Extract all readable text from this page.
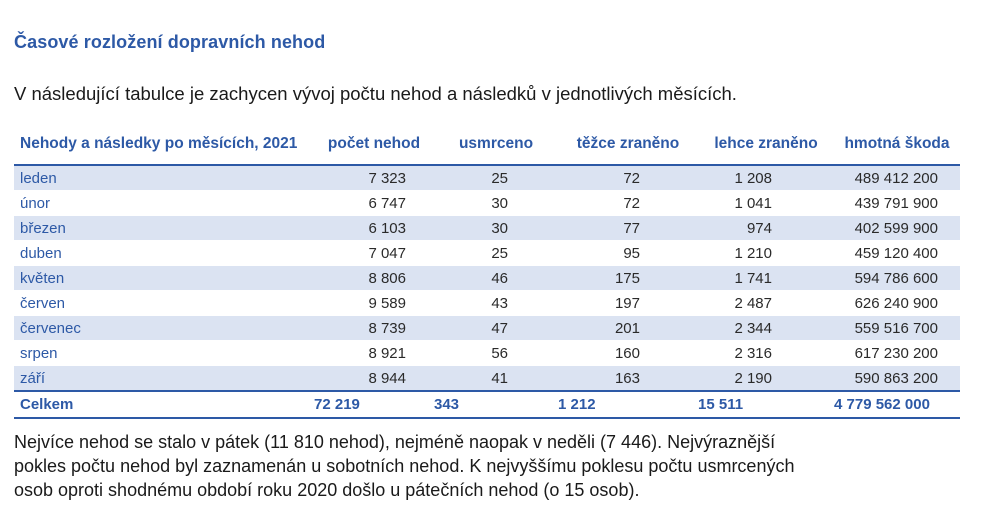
Časové rozložení dopravních nehod
V následující tabulce je zachycen vývoj počtu nehod a následků v jednotlivých měsících.
Nehody a následky po měsících, 2021	počet nehod	usmrceno	těžce zraněno	lehce zraněno	hmotná škoda
leden	7 323	25	72	1 208	489 412 200
únor	6 747	30	72	1 041	439 791 900
březen	6 103	30	77	974	402 599 900
duben	7 047	25	95	1 210	459 120 400
květen	8 806	46	175	1 741	594 786 600
červen	9 589	43	197	2 487	626 240 900
červenec	8 739	47	201	2 344	559 516 700
srpen	8 921	56	160	2 316	617 230 200
září	8 944	41	163	2 190	590 863 200
Celkem	72 219	343	1 212	15 511	4 779 562 000

Nejvíce nehod se stalo v pátek (11 810 nehod), nejméně naopak v neděli (7 446). Nejvýraznější

pokles počtu nehod byl zaznamenán u sobotních nehod. K nejvyššímu poklesu počtu usmrcených

osob oproti shodnému období roku 2020 došlo u pátečních nehod (o 15 osob).
